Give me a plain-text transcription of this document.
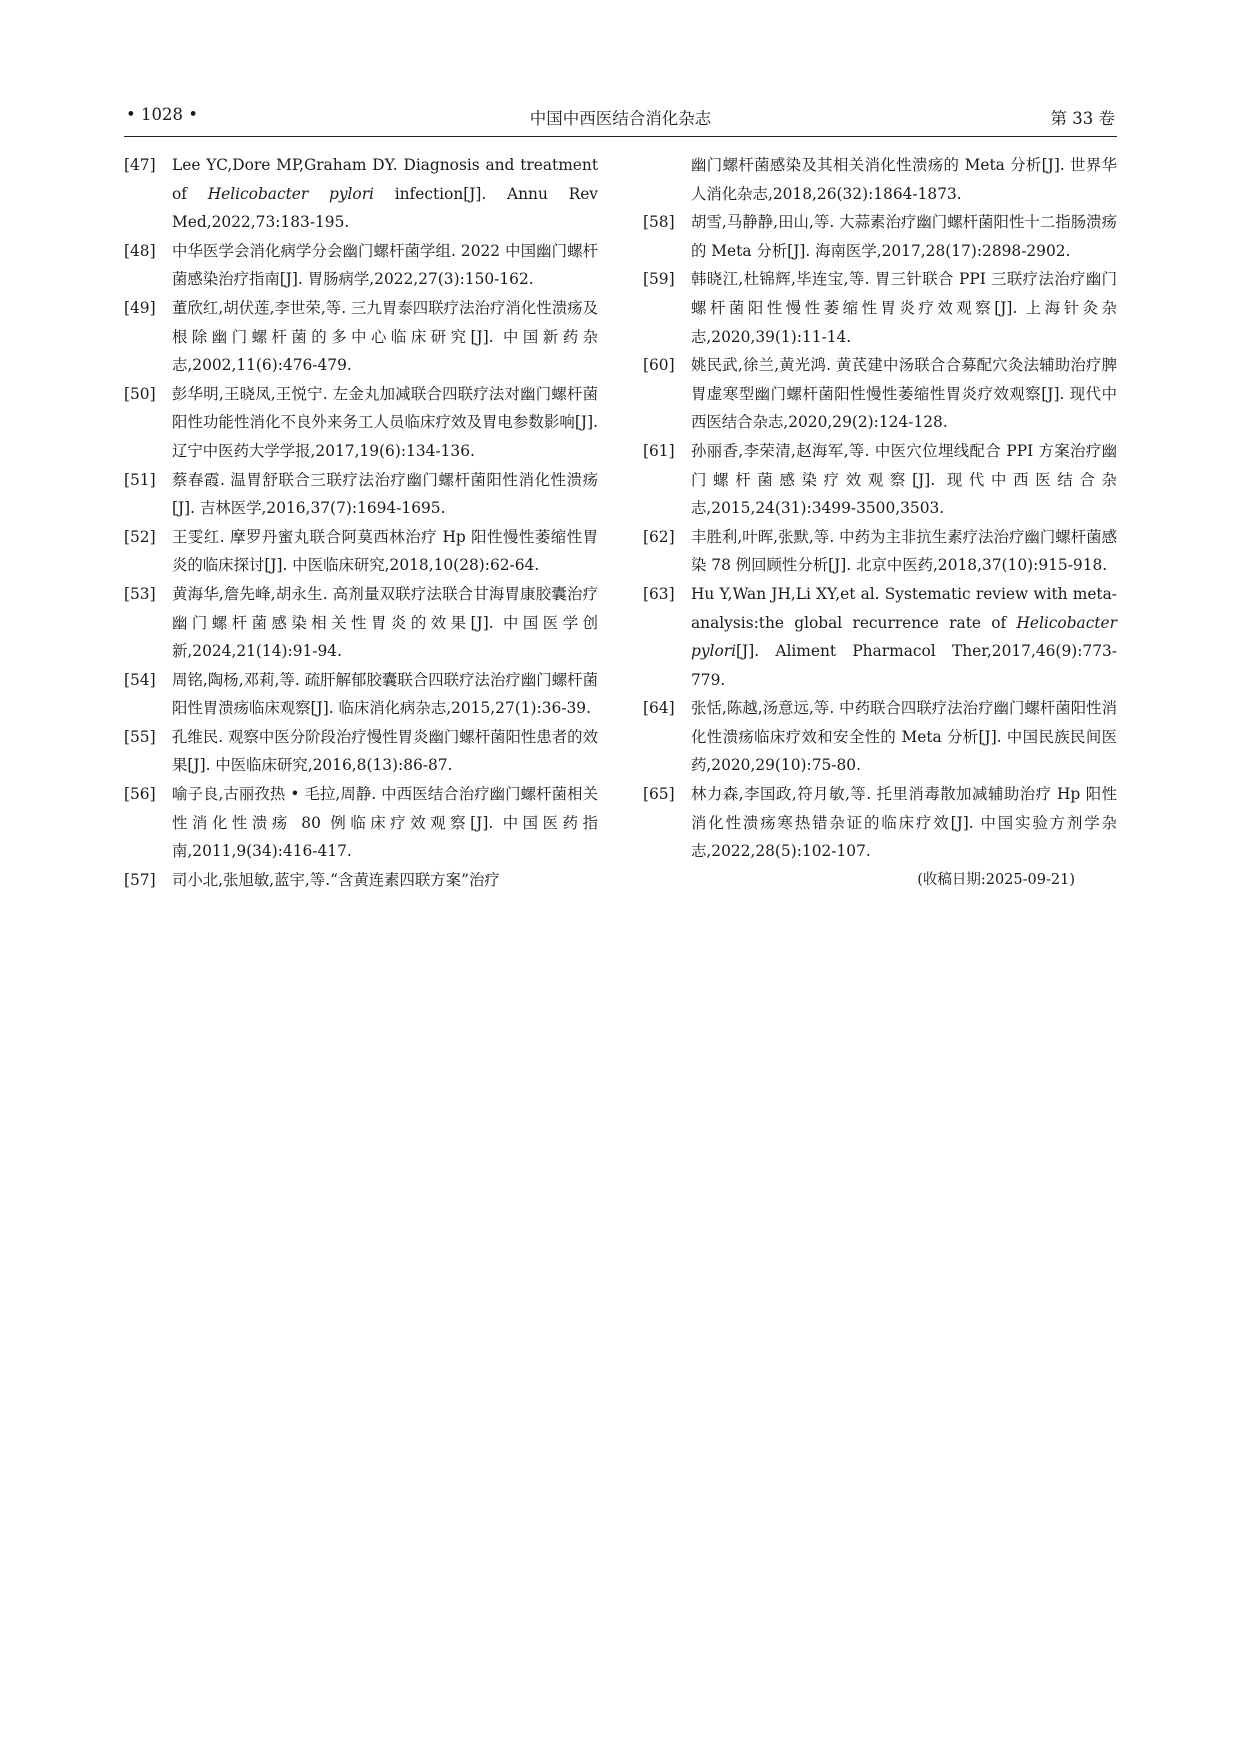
• 1028 •	中国中西医结合消化杂志	第 33 卷
[47] Lee YC,Dore MP,Graham DY. Diagnosis and treatment of Helicobacter pylori infection[J]. Annu Rev Med,2022,73:183-195.
[48] 中华医学会消化病学分会幽门螺杆菌学组. 2022 中国幽门螺杆菌感染治疗指南[J]. 胃肠病学,2022,27(3):150-162.
[49] 董欣红,胡伏莲,李世荣,等. 三九胃泰四联疗法治疗消化性溃疡及根除幽门螺杆菌的多中心临床研究[J]. 中国新药杂志,2002,11(6):476-479.
[50] 彭华明,王晓凤,王悦宁. 左金丸加减联合四联疗法对幽门螺杆菌阳性功能性消化不良外来务工人员临床疗效及胃电参数影响[J]. 辽宁中医药大学学报,2017,19(6):134-136.
[51] 蔡春霞. 温胃舒联合三联疗法治疗幽门螺杆菌阳性消化性溃疡[J]. 吉林医学,2016,37(7):1694-1695.
[52] 王雯红. 摩罗丹蜜丸联合阿莫西林治疗 Hp 阳性慢性萎缩性胃炎的临床探讨[J]. 中医临床研究,2018,10(28):62-64.
[53] 黄海华,詹先峰,胡永生. 高剂量双联疗法联合甘海胃康胶囊治疗幽门螺杆菌感染相关性胃炎的效果[J]. 中国医学创新,2024,21(14):91-94.
[54] 周铭,陶杨,邓莉,等. 疏肝解郁胶囊联合四联疗法治疗幽门螺杆菌阳性胃溃疡临床观察[J]. 临床消化病杂志,2015,27(1):36-39.
[55] 孔维民. 观察中医分阶段治疗慢性胃炎幽门螺杆菌阳性患者的效果[J]. 中医临床研究,2016,8(13):86-87.
[56] 喻子良,古丽孜热 • 毛拉,周静. 中西医结合治疗幽门螺杆菌相关性消化性溃疡 80 例临床疗效观察[J]. 中国医药指南,2011,9(34):416-417.
[57] 司小北,张旭敏,蓝宇,等.“含黄连素四联方案”治疗
幽门螺杆菌感染及其相关消化性溃疡的 Meta 分析[J]. 世界华人消化杂志,2018,26(32):1864-1873.
[58] 胡雪,马静静,田山,等. 大蒜素治疗幽门螺杆菌阳性十二指肠溃疡的 Meta 分析[J]. 海南医学,2017,28(17):2898-2902.
[59] 韩晓江,杜锦辉,毕连宝,等. 胃三针联合 PPI 三联疗法治疗幽门螺杆菌阳性慢性萎缩性胃炎疗效观察[J]. 上海针灸杂志,2020,39(1):11-14.
[60] 姚民武,徐兰,黄光鸿. 黄芪建中汤联合合募配穴灸法辅助治疗脾胃虚寒型幽门螺杆菌阳性慢性萎缩性胃炎疗效观察[J]. 现代中西医结合杂志,2020,29(2):124-128.
[61] 孙丽香,李荣清,赵海军,等. 中医穴位埋线配合 PPI 方案治疗幽门螺杆菌感染疗效观察[J]. 现代中西医结合杂志,2015,24(31):3499-3500,3503.
[62] 丰胜利,叶晖,张默,等. 中药为主非抗生素疗法治疗幽门螺杆菌感染 78 例回顾性分析[J]. 北京中医药,2018,37(10):915-918.
[63] Hu Y,Wan JH,Li XY,et al. Systematic review with meta-analysis:the global recurrence rate of Helicobacter pylori[J]. Aliment Pharmacol Ther,2017,46(9):773-779.
[64] 张恬,陈越,汤意远,等. 中药联合四联疗法治疗幽门螺杆菌阳性消化性溃疡临床疗效和安全性的 Meta 分析[J]. 中国民族民间医药,2020,29(10):75-80.
[65] 林力森,李国政,符月敏,等. 托里消毒散加减辅助治疗 Hp 阳性消化性溃疡寒热错杂证的临床疗效[J]. 中国实验方剂学杂志,2022,28(5):102-107.
(收稿日期:2025-09-21)
